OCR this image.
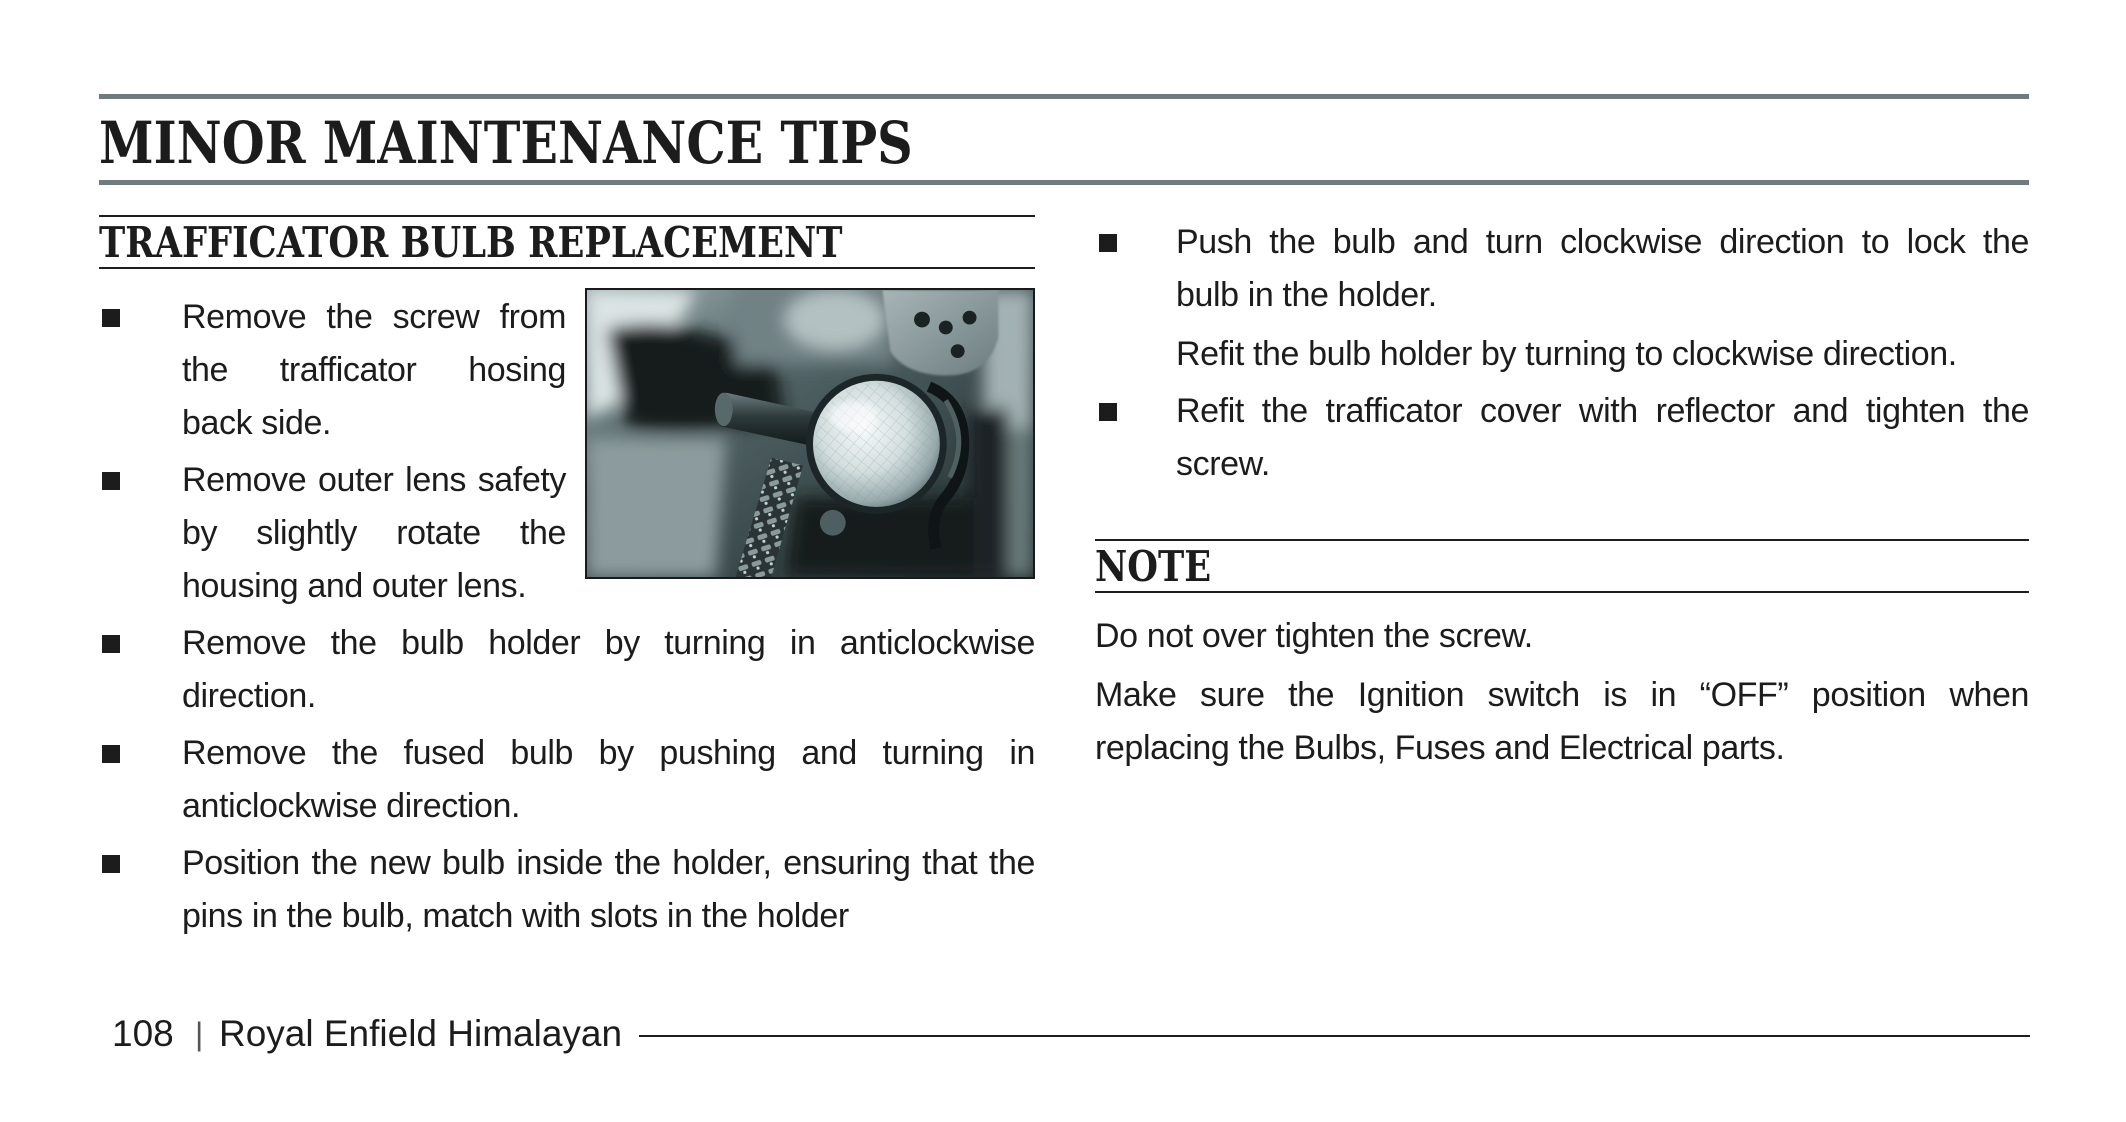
MINOR MAINTENANCE TIPS
TRAFFICATOR BULB REPLACEMENT
Remove the screw from
the trafficator hosing
back side.
Remove outer lens safety
by slightly rotate the
housing and outer lens.
Remove the bulb holder by turning in anticlockwise
direction.
Remove the fused bulb by pushing and turning in
anticlockwise direction.
Position the new bulb inside the holder, ensuring that the
pins in the bulb, match with slots in the holder
Push the bulb and turn clockwise direction to lock the
bulb in the holder.
Refit the bulb holder by turning to clockwise direction.
Refit the trafficator cover with reflector and tighten the
screw.
NOTE
Do not over tighten the screw.
Make sure the Ignition switch is in “OFF” position when
replacing the Bulbs, Fuses and Electrical parts.
108 | Royal Enfield Himalayan
